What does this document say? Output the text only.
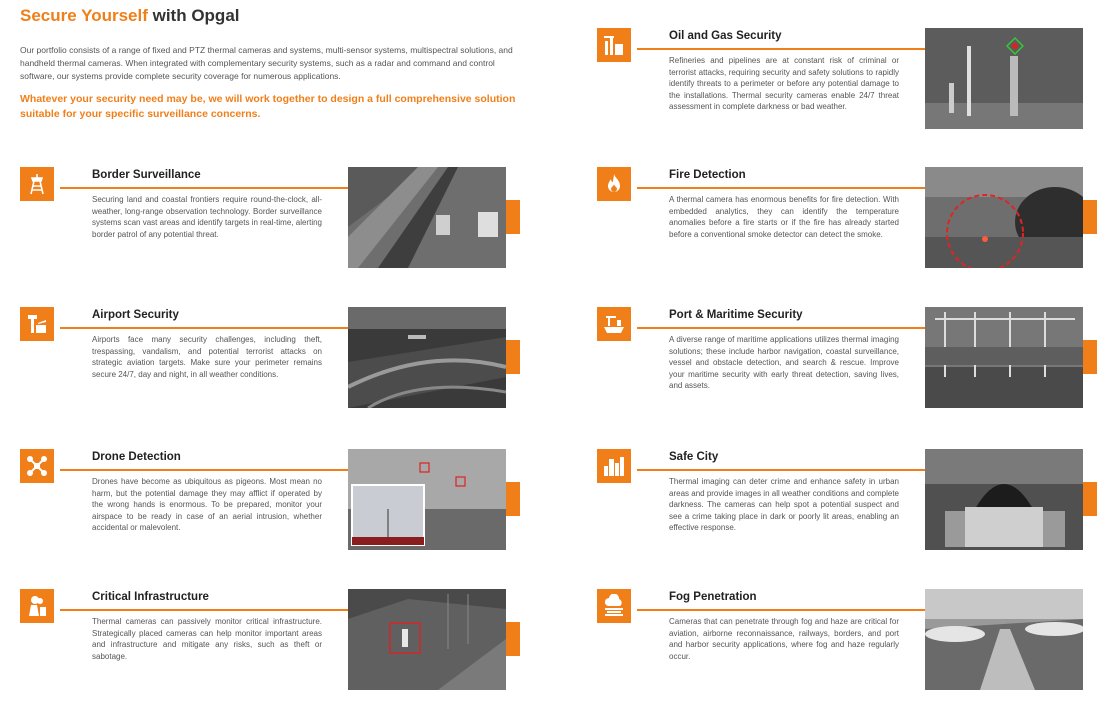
Secure Yourself with Opgal

Our portfolio consists of a range of fixed and PTZ thermal cameras and systems, multi-sensor systems, multispectral solutions, and handheld thermal cameras. When integrated with complementary security systems, such as a radar and command and control software, our systems provide complete security coverage for numerous applications.

Whatever your security need may be, we will work together to design a full comprehensive solution suitable for your specific surveillance concerns.

Border Surveillance

Securing land and coastal frontiers require round-the-clock, all-weather, long-range observation technology. Border surveillance systems scan vast areas and identify targets in real-time, alerting border patrol of any potential threat.

Airport Security

Airports face many security challenges, including theft, trespassing, vandalism, and potential terrorist attacks on strategic aviation targets. Make sure your perimeter remains secure 24/7, day and night, in all weather conditions.

Drone Detection

Drones have become as ubiquitous as pigeons. Most mean no harm, but the potential damage they may afflict if operated by the wrong hands is enormous. To be prepared, monitor your airspace to be ready in case of an aerial intrusion, whether accidental or malevolent.

Critical Infrastructure

Thermal cameras can passively monitor critical infrastructure. Strategically placed cameras can help monitor important areas and infrastructure and mitigate any risks, such as theft or sabotage.

Oil and Gas Security

Refineries and pipelines are at constant risk of criminal or terrorist attacks, requiring security and safety solutions to rapidly identify threats to a perimeter or before any potential damage to the installations. Thermal security cameras enable 24/7 threat assessment in complete darkness or bad weather.

Fire Detection

A thermal camera has enormous benefits for fire detection. With embedded analytics, they can identify the temperature anomalies before a fire starts or if the fire has already started before a conventional smoke detector can detect the smoke.

Port & Maritime Security

A diverse range of maritime applications utilizes thermal imaging solutions; these include harbor navigation, coastal surveillance, vessel and obstacle detection, and search & rescue. Improve your maritime security with early threat detection, saving lives, and assets.

Safe City

Thermal imaging can deter crime and enhance safety in urban areas and provide images in all weather conditions and complete darkness. The cameras can help spot a potential suspect and see a crime taking place in dark or poorly lit areas, enabling an effective response.

Fog Penetration

Cameras that can penetrate through fog and haze are critical for aviation, airborne reconnaissance, railways, borders, and port and harbor security applications, where fog and haze regularly occur.
